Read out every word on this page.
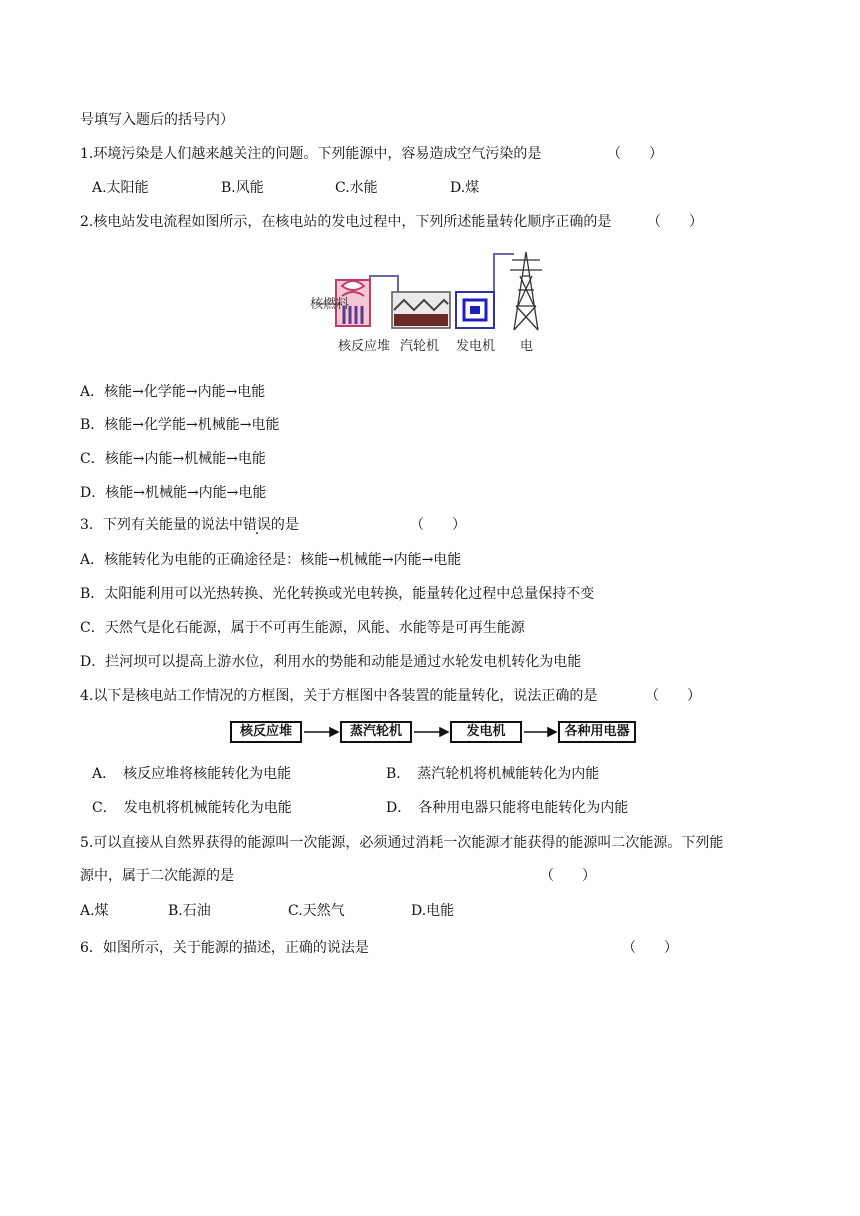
号填写入题后的括号内）
1.环境污染是人们越来越关注的问题。下列能源中，容易造成空气污染的是	（　　）
A.太阳能	B.风能	C.水能	D.煤
2.核电站发电流程如图所示，在核电站的发电过程中，下列所述能量转化顺序正确的是	（　　）
核燃料
核反应堆 汽轮机 发电机 电
A．核能→化学能→内能→电能
B．核能→化学能→机械能→电能
C．核能→内能→机械能→电能
D．核能→机械能→内能→电能
3．下列有关能量的说法中错误的是	（　　）
A．核能转化为电能的正确途径是：核能→机械能→内能→电能
B．太阳能利用可以光热转换、光化转换或光电转换，能量转化过程中总量保持不变
C．天然气是化石能源，属于不可再生能源，风能、水能等是可再生能源
D．拦河坝可以提高上游水位，利用水的势能和动能是通过水轮发电机转化为电能
4.以下是核电站工作情况的方框图，关于方框图中各装置的能量转化，说法正确的是	（　　）
核反应堆	蒸汽轮机	发电机	各种用电器
A．　核反应堆将核能转化为电能	B．　蒸汽轮机将机械能转化为内能
C．　发电机将机械能转化为电能	D．　各种用电器只能将电能转化为内能
5.可以直接从自然界获得的能源叫一次能源，必须通过消耗一次能源才能获得的能源叫二次能源。下列能
源中，属于二次能源的是	（　　）
A.煤	B.石油	C.天然气	D.电能
6．如图所示，关于能源的描述，正确的说法是	（　　）
